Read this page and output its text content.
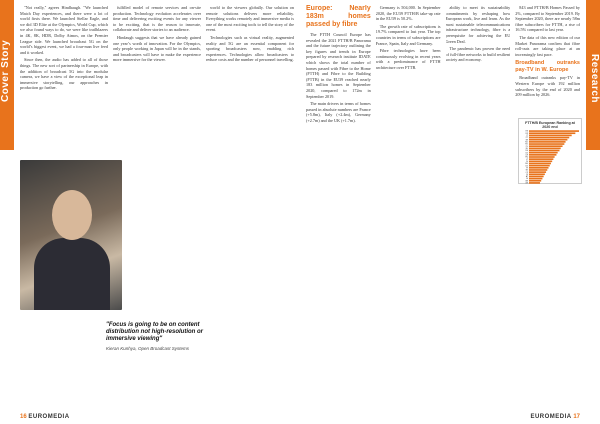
Cover Story

"Not really," agrees Hindhaugh. "We launched Match Day experiences, and there were a lot of world firsts there. We launched Stellar Eagle, and we did 3D Elite at the Olympics, World Cup, which we also found ways to do, we were like trailblazers in 4K, 8K, HDR, Dolby Atmos, on the Premier League side. We launched broadcast 5G on the world’s biggest event, we had a four-man live feed and it worked.

Since then, the audio has added to all of those things. The new sort of partnership in Europe, with the addition of broadcast 5G into the modular camera, we have a view of the exceptional leap in immersive storytelling, our approaches in production go further.

fulfilled model of remote services and on-site production. Technology evolution accelerates over time and delivering exciting events for any viewer to be exciting, that is the reason to innovate, collaborate and deliver stories to an audience.

Hindaugh suggests that we have already gained one year’s worth of innovation. For the Olympics, only people working in Japan will be in the stands, and broadcasters will have to make the experience more immersive for the viewer.

world to the viewers globally. Our solution on remote solutions delivers more reliability. Everything works remotely and immersive media is one of the most exciting tools to tell the story of the event.

Technologies such as virtual reality, augmented reality and 5G are an essential component for sporting broadcasters now, enabling rich experiences. Technologies allow broadcasters to reduce costs and the number of personnel travelling.

"Focus is going to be on content distribution not high-resolution or immersive viewing"
Kieran Kunhya, Open Broadcast Systems
16 EUROMEDIA
Research
Europe: Nearly 183m homes passed by fibre

The FTTH Council Europe has revealed the 2021 FTTH/B Panorama and the future trajectory outlining the key figures and trends in Europe prepared by research institute IDATE which shows the total number of homes passed with Fibre to the Home (FTTH) and Fibre to the Building (FTTB) in the EU39 reached nearly 183 million homes in September 2020, compared to 172m in September 2019.

The main drivers in terms of homes passed in absolute numbers are France (+5.8m), Italy (+2.4m), Germany (+2.7m) and the UK (+1.7m).

Germany is 504,000. In September 2020, the EU39 FTTH/B take-up rate in the EU39 is 50.2%.

The growth rate of subscriptions is 19.7% compared to last year. The top countries in terms of subscriptions are France, Spain, Italy and Germany.

Fibre technologies have been continuously evolving in recent years with a predominance of FTTH architecture over FTTB.

ability to meet its sustainability commitments by reshaping how European work, live and learn. As the most sustainable telecommunications infrastructure technology, fibre is a prerequisite for achieving the EU Green Deal.

The pandemic has proven the need of full-fibre networks to build resilient society and economy.

843 and FTTH/B Homes Passed by 2%, compared to September 2019. By September 2020, there are nearly 58m fibre subscribers for FTTH, a rise of 16.5% compared to last year.

The data of this new edition of our Market Panorama confirm that fibre roll-outs are taking place at an increasingly fast pace.

Broadband outranks pay-TV in W. Europe

Broadband outranks pay-TV in Western Europe with 192 million subscribers by the end of 2020 and 209 million by 2026.

FTTH/B European Ranking at 2020 end
ES
FR
IT
PT
SE
NO
RO
PL
NL
DE
UK
CH
HU
LT
LV
BG
DK
FI
SK
CZ
SI
AT
IE
BE
GR
EUROMEDIA 17
